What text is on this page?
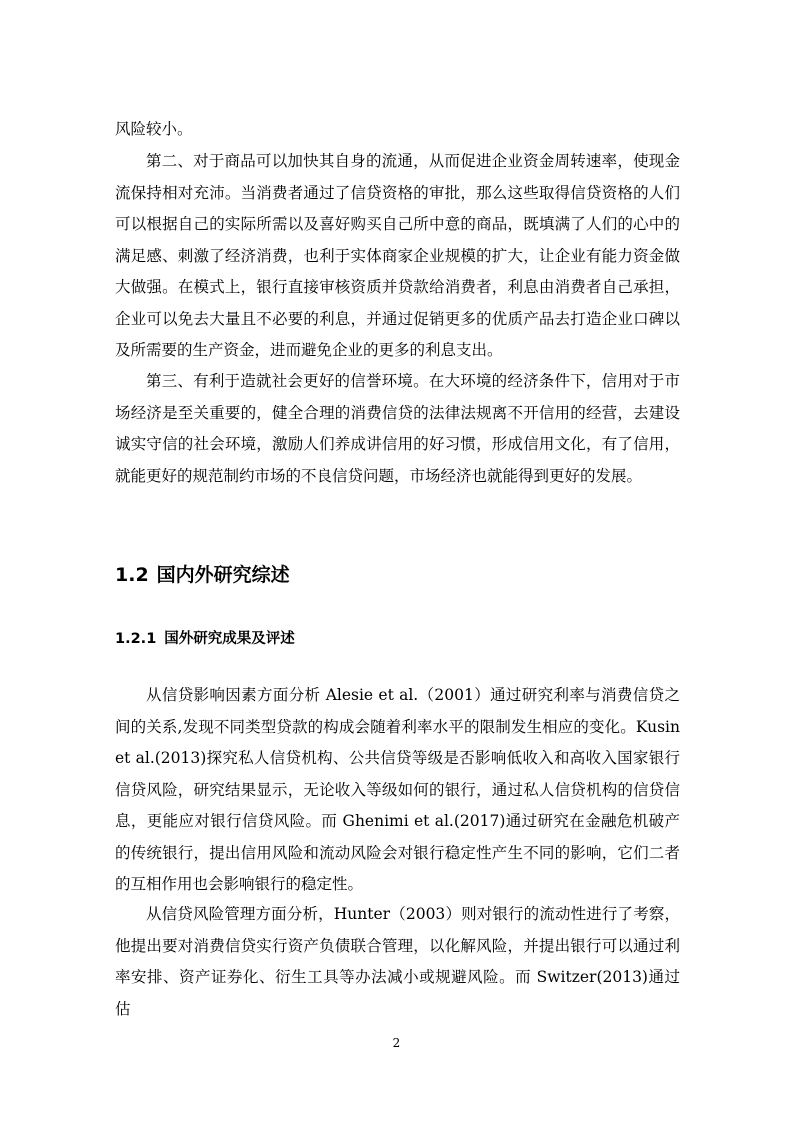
风险较小。

第二、对于商品可以加快其自身的流通，从而促进企业资金周转速率，使现金流保持相对充沛。当消费者通过了信贷资格的审批，那么这些取得信贷资格的人们可以根据自己的实际所需以及喜好购买自己所中意的商品，既填满了人们的心中的满足感、刺激了经济消费，也利于实体商家企业规模的扩大，让企业有能力资金做大做强。在模式上，银行直接审核资质并贷款给消费者，利息由消费者自己承担，企业可以免去大量且不必要的利息，并通过促销更多的优质产品去打造企业口碑以及所需要的生产资金，进而避免企业的更多的利息支出。

第三、有利于造就社会更好的信誉环境。在大环境的经济条件下，信用对于市场经济是至关重要的，健全合理的消费信贷的法律法规离不开信用的经营，去建设诚实守信的社会环境，激励人们养成讲信用的好习惯，形成信用文化，有了信用，就能更好的规范制约市场的不良信贷问题，市场经济也就能得到更好的发展。

1.2 国内外研究综述
1.2.1 国外研究成果及评述

从信贷影响因素方面分析 Alesie et al.（2001）通过研究利率与消费信贷之间的关系,发现不同类型贷款的构成会随着利率水平的限制发生相应的变化。Kusin et al.(2013)探究私人信贷机构、公共信贷等级是否影响低收入和高收入国家银行信贷风险，研究结果显示，无论收入等级如何的银行，通过私人信贷机构的信贷信息，更能应对银行信贷风险。而 Ghenimi et al.(2017)通过研究在金融危机破产的传统银行，提出信用风险和流动风险会对银行稳定性产生不同的影响，它们二者的互相作用也会影响银行的稳定性。

从信贷风险管理方面分析，Hunter（2003）则对银行的流动性进行了考察，他提出要对消费信贷实行资产负债联合管理，以化解风险，并提出银行可以通过利率安排、资产证券化、衍生工具等办法减小或规避风险。而 Switzer(2013)通过估

2
